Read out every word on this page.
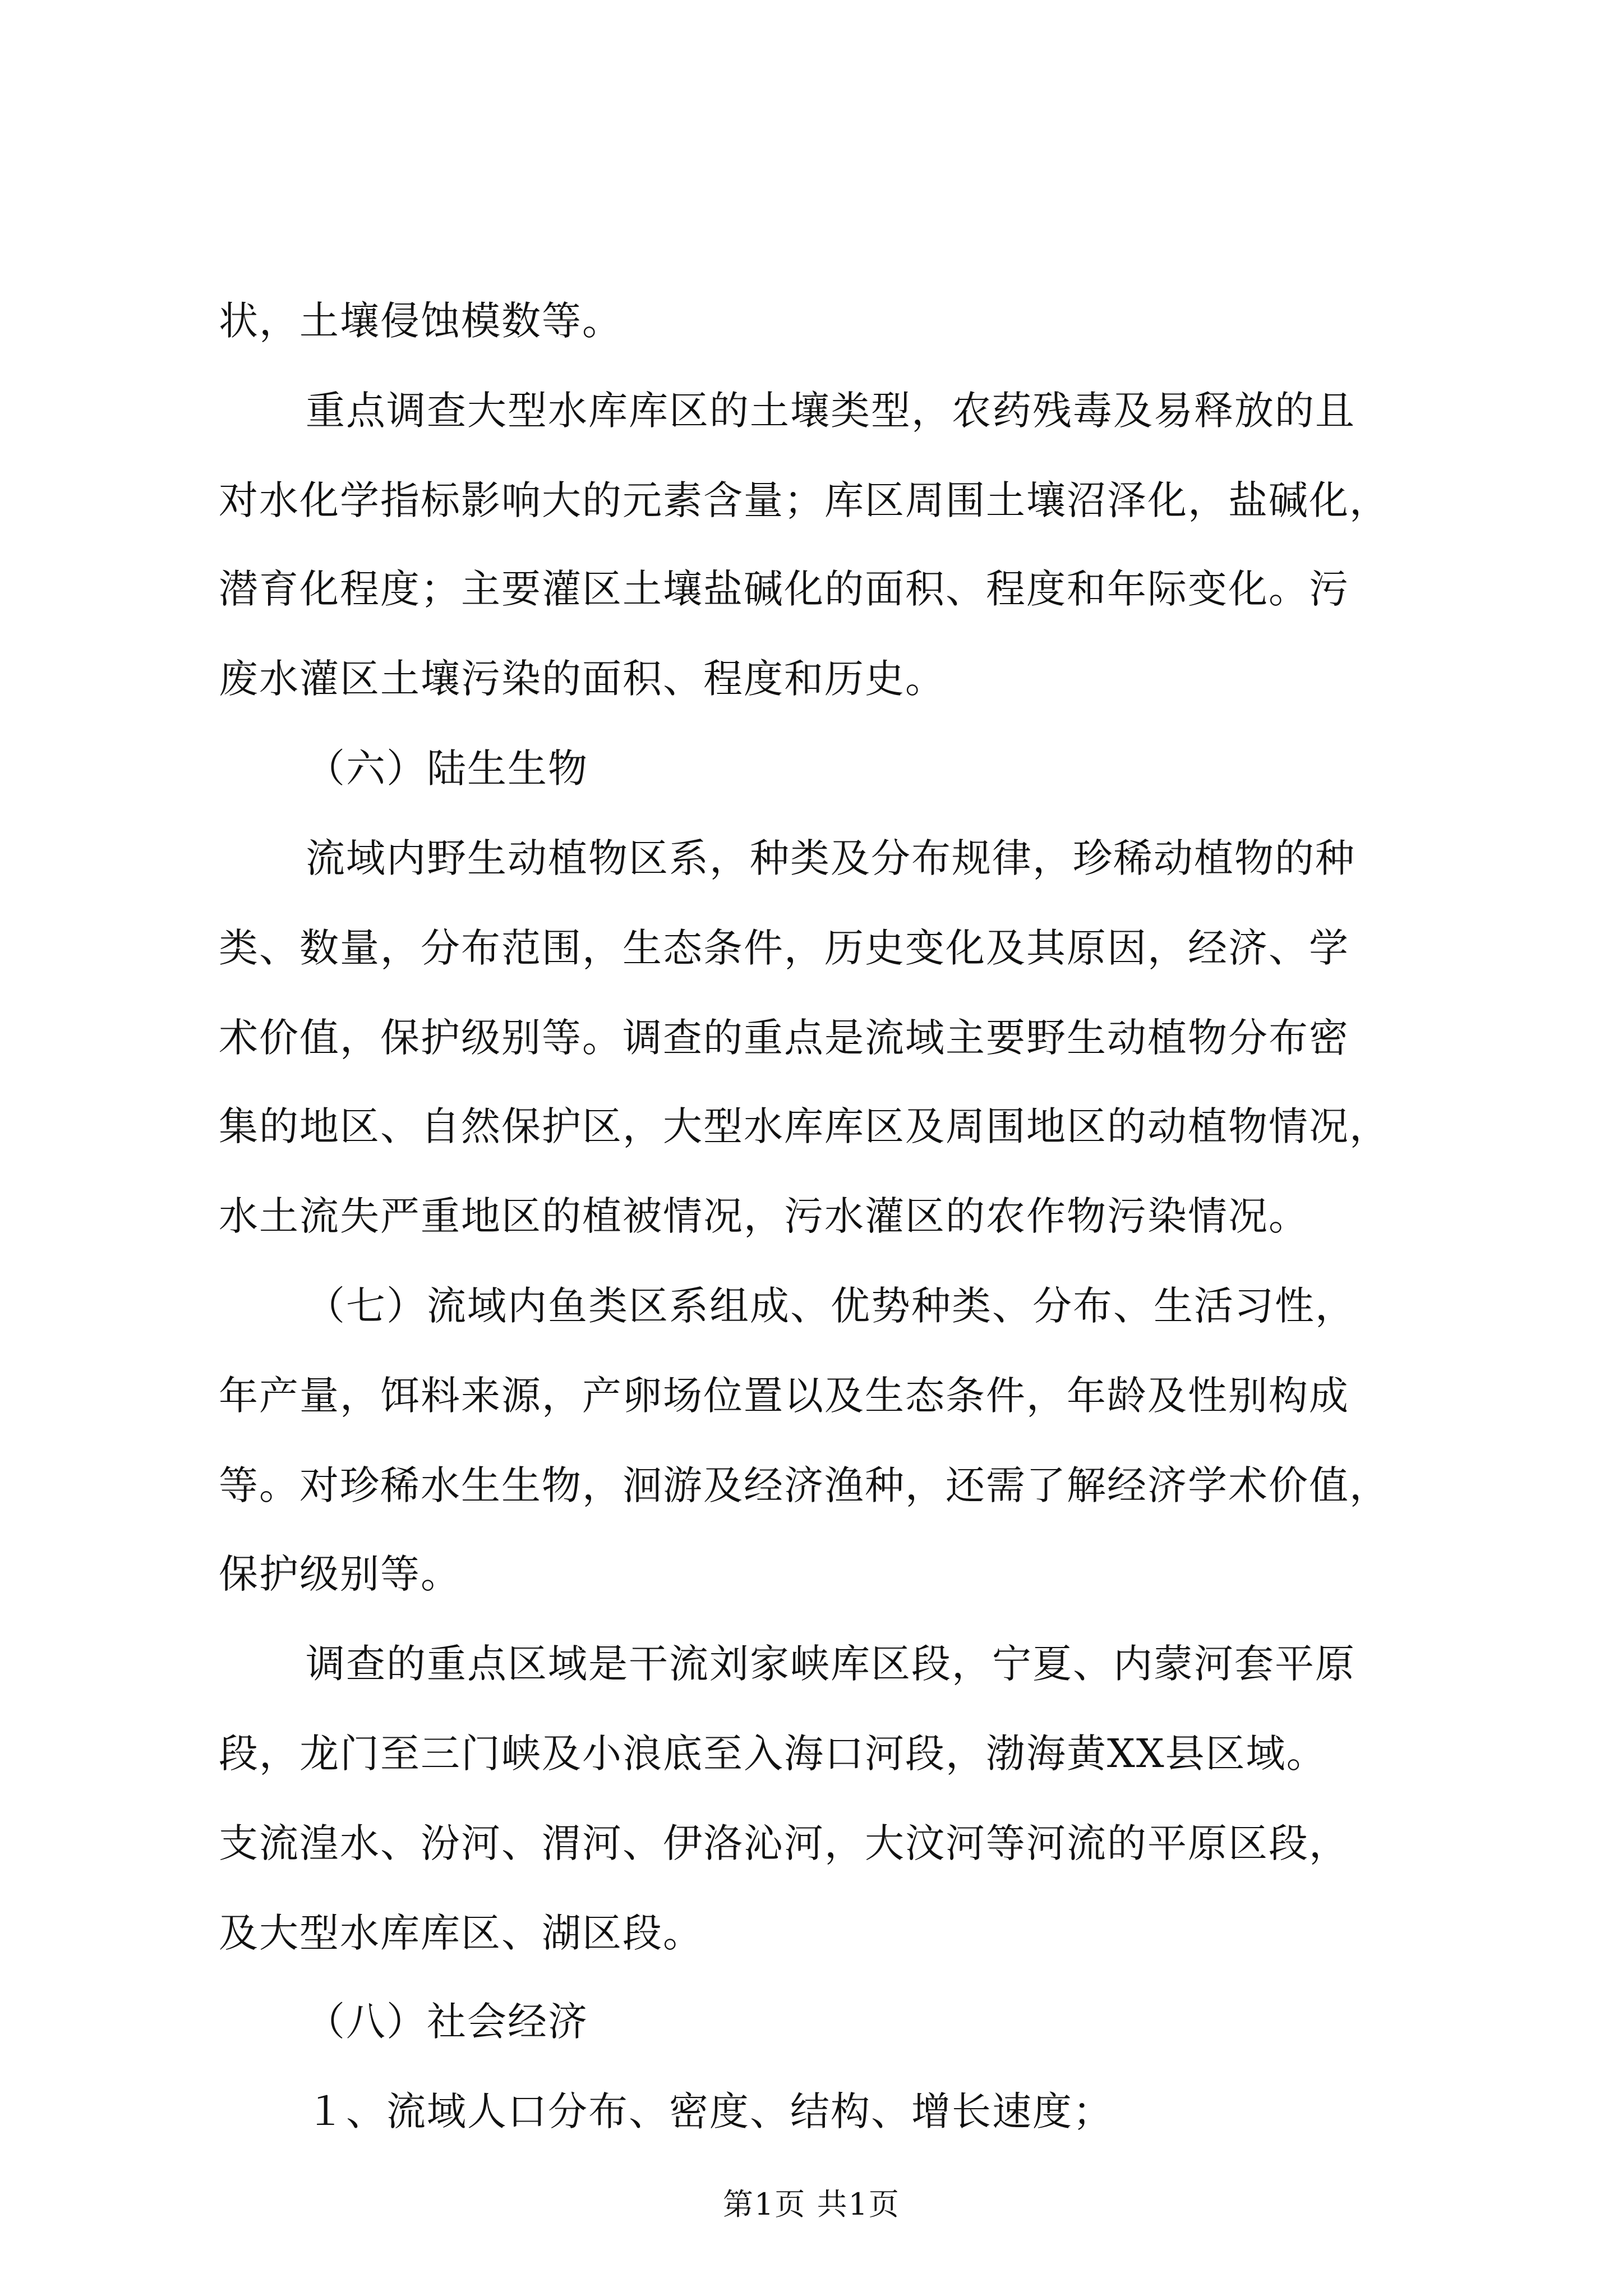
状，土壤侵蚀模数等。
重点调查大型水库库区的土壤类型，农药残毒及易释放的且
对水化学指标影响大的元素含量；库区周围土壤沼泽化，盐碱化，
潜育化程度；主要灌区土壤盐碱化的面积、程度和年际变化。污
废水灌区土壤污染的面积、程度和历史。
（六）陆生生物
流域内野生动植物区系，种类及分布规律，珍稀动植物的种
类、数量，分布范围，生态条件，历史变化及其原因，经济、学
术价值，保护级别等。调查的重点是流域主要野生动植物分布密
集的地区、自然保护区，大型水库库区及周围地区的动植物情况，
水土流失严重地区的植被情况，污水灌区的农作物污染情况。
（七）流域内鱼类区系组成、优势种类、分布、生活习性，
年产量，饵料来源，产卵场位置以及生态条件，年龄及性别构成
等。对珍稀水生生物，洄游及经济渔种，还需了解经济学术价值，
保护级别等。
调查的重点区域是干流刘家峡库区段，宁夏、内蒙河套平原
段，龙门至三门峡及小浪底至入海口河段，渤海黄XX县区域。
支流湟水、汾河、渭河、伊洛沁河，大汶河等河流的平原区段，
及大型水库库区、湖区段。
（八）社会经济
１、流域人口分布、密度、结构、增长速度；
第1页 共1页
